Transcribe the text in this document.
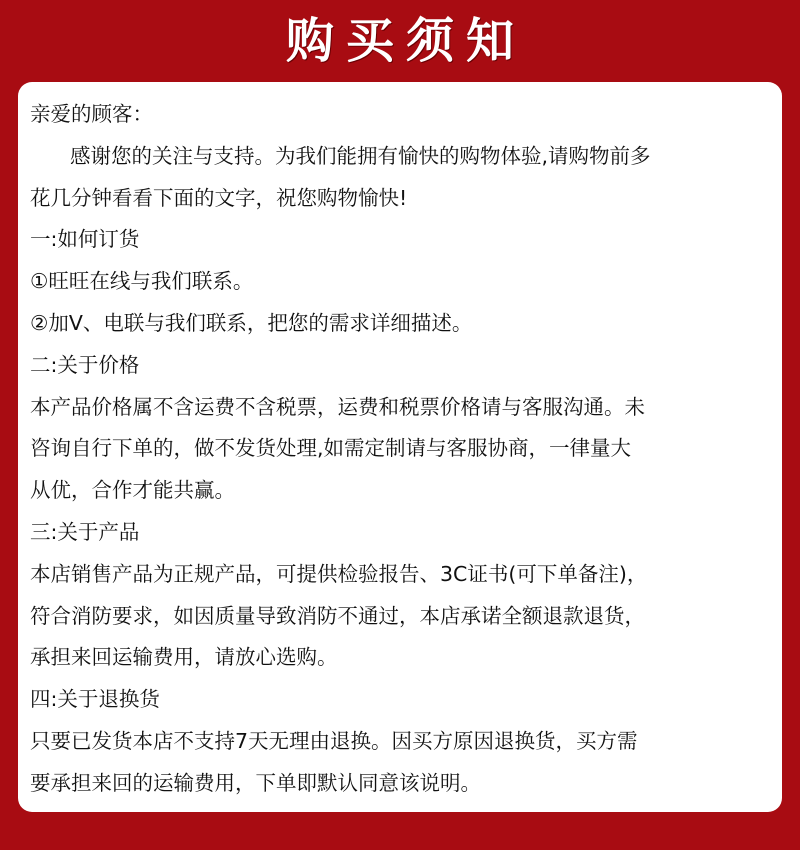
购买须知
亲爱的顾客：
感谢您的关注与支持。为我们能拥有愉快的购物体验,请购物前多
花几分钟看看下面的文字，祝您购物愉快!
一:如何订货
①旺旺在线与我们联系。
②加V、电联与我们联系，把您的需求详细描述。
二:关于价格
本产品价格属不含运费不含税票，运费和税票价格请与客服沟通。未
咨询自行下单的，做不发货处理,如需定制请与客服协商，一律量大
从优，合作才能共赢。
三:关于产品
本店销售产品为正规产品，可提供检验报告、3C证书(可下单备注)，
符合消防要求，如因质量导致消防不通过，本店承诺全额退款退货，
承担来回运输费用，请放心选购。
四:关于退换货
只要已发货本店不支持7天无理由退换。因买方原因退换货，买方需
要承担来回的运输费用，下单即默认同意该说明。
